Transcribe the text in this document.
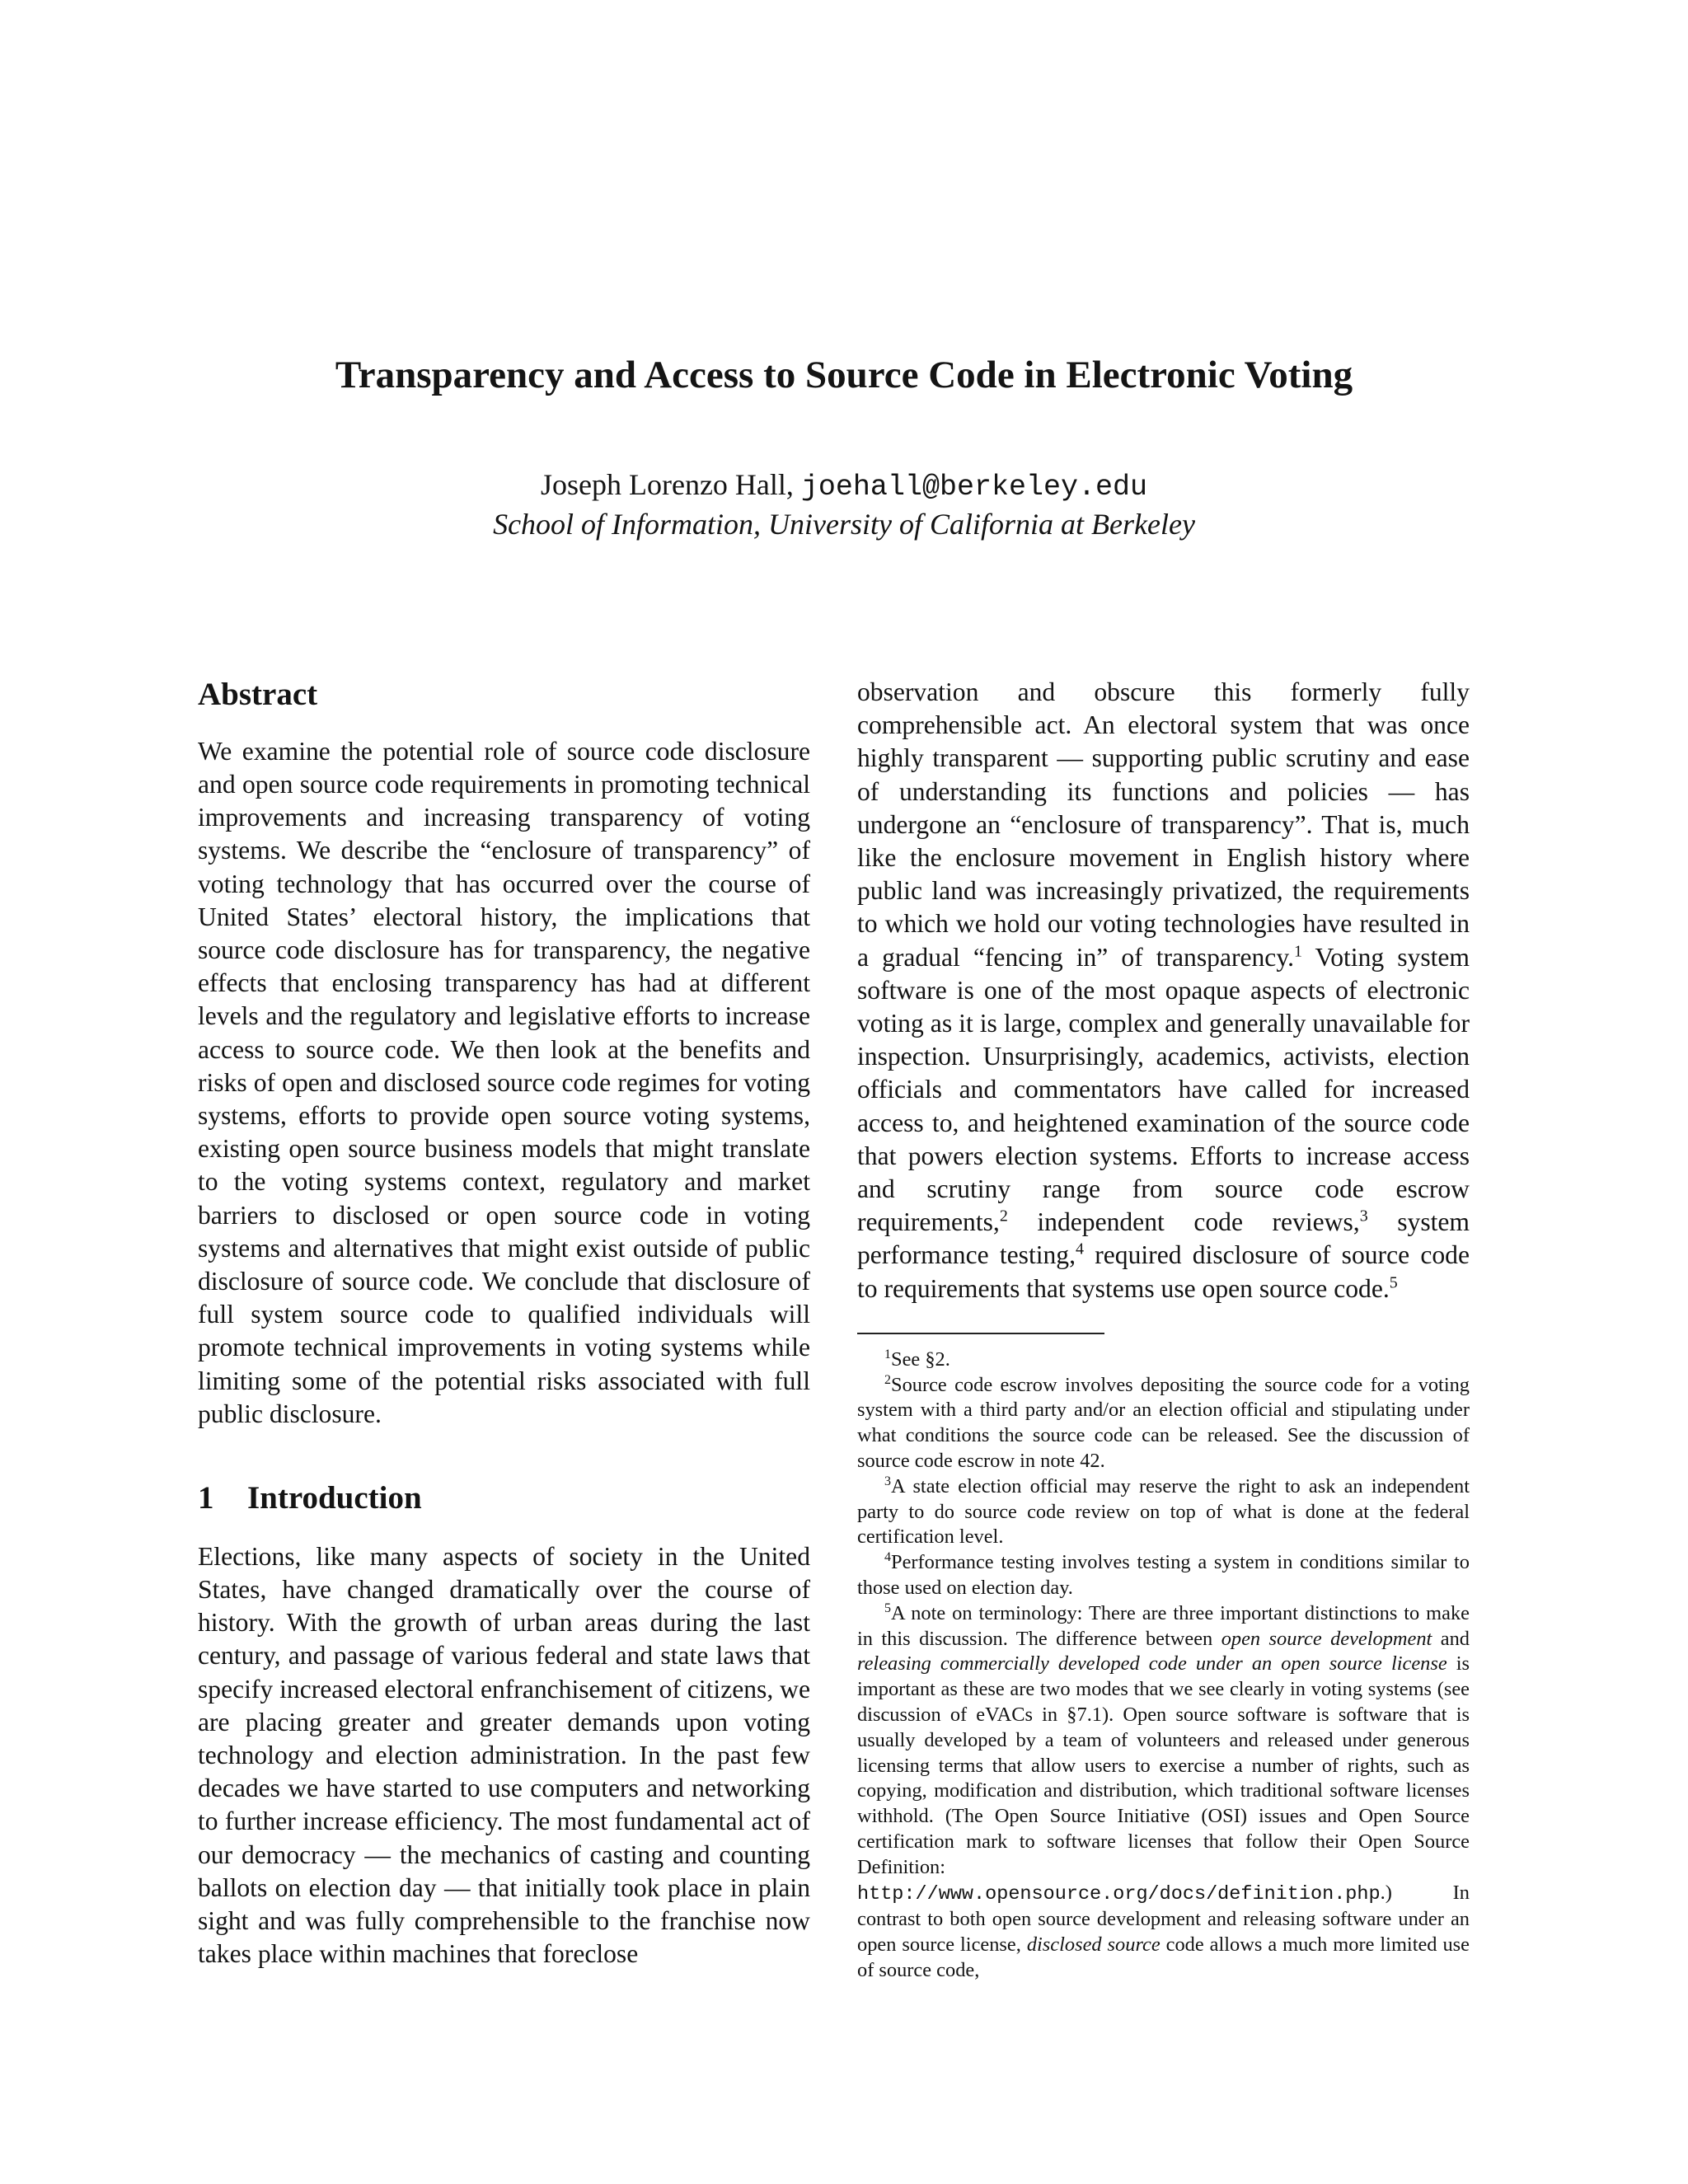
Transparency and Access to Source Code in Electronic Voting

Joseph Lorenzo Hall, joehall@berkeley.edu

School of Information, University of California at Berkeley

Abstract

We examine the potential role of source code disclosure and open source code requirements in promoting technical improvements and increasing transparency of voting systems. We describe the “enclosure of transparency” of voting technology that has occurred over the course of United States’ electoral history, the implications that source code disclosure has for transparency, the negative effects that enclosing transparency has had at different levels and the regulatory and legislative efforts to increase access to source code. We then look at the benefits and risks of open and disclosed source code regimes for voting systems, efforts to provide open source voting systems, existing open source business models that might translate to the voting systems context, regulatory and market barriers to disclosed or open source code in voting systems and alternatives that might exist outside of public disclosure of source code. We conclude that disclosure of full system source code to qualified individuals will promote technical improvements in voting systems while limiting some of the potential risks associated with full public disclosure.

1 Introduction

Elections, like many aspects of society in the United States, have changed dramatically over the course of history. With the growth of urban areas during the last century, and passage of various federal and state laws that specify increased electoral enfranchisement of citizens, we are placing greater and greater demands upon voting technology and election administration. In the past few decades we have started to use computers and networking to further increase efficiency. The most fundamental act of our democracy — the mechanics of casting and counting ballots on election day — that initially took place in plain sight and was fully comprehensible to the franchise now takes place within machines that foreclose

observation and obscure this formerly fully comprehensible act. An electoral system that was once highly transparent — supporting public scrutiny and ease of understanding its functions and policies — has undergone an “enclosure of transparency”. That is, much like the enclosure movement in English history where public land was increasingly privatized, the requirements to which we hold our voting technologies have resulted in a gradual “fencing in” of transparency.$^1$ Voting system software is one of the most opaque aspects of electronic voting as it is large, complex and generally unavailable for inspection. Unsurprisingly, academics, activists, election officials and commentators have called for increased access to, and heightened examination of the source code that powers election systems. Efforts to increase access and scrutiny range from source code escrow requirements,$^2$ independent code reviews,$^3$ system performance testing,$^4$ required disclosure of source code to requirements that systems use open source code.$^5$

$^1$See §2.

$^2$Source code escrow involves depositing the source code for a voting system with a third party and/or an election official and stipulating under what conditions the source code can be released. See the discussion of source code escrow in note 42.

$^3$A state election official may reserve the right to ask an independent party to do source code review on top of what is done at the federal certification level.

$^4$Performance testing involves testing a system in conditions similar to those used on election day.

$^5$A note on terminology: There are three important distinctions to make in this discussion. The difference between open source development and releasing commercially developed code under an open source license is important as these are two modes that we see clearly in voting systems (see discussion of eVACs in §7.1). Open source software is software that is usually developed by a team of volunteers and released under generous licensing terms that allow users to exercise a number of rights, such as copying, modification and distribution, which traditional software licenses withhold. (The Open Source Initiative (OSI) issues and Open Source certification mark to software licenses that follow their Open Source Definition: http://www.opensource.org/docs/definition.php.) In contrast to both open source development and releasing software under an open source license, disclosed source code allows a much more limited use of source code,
